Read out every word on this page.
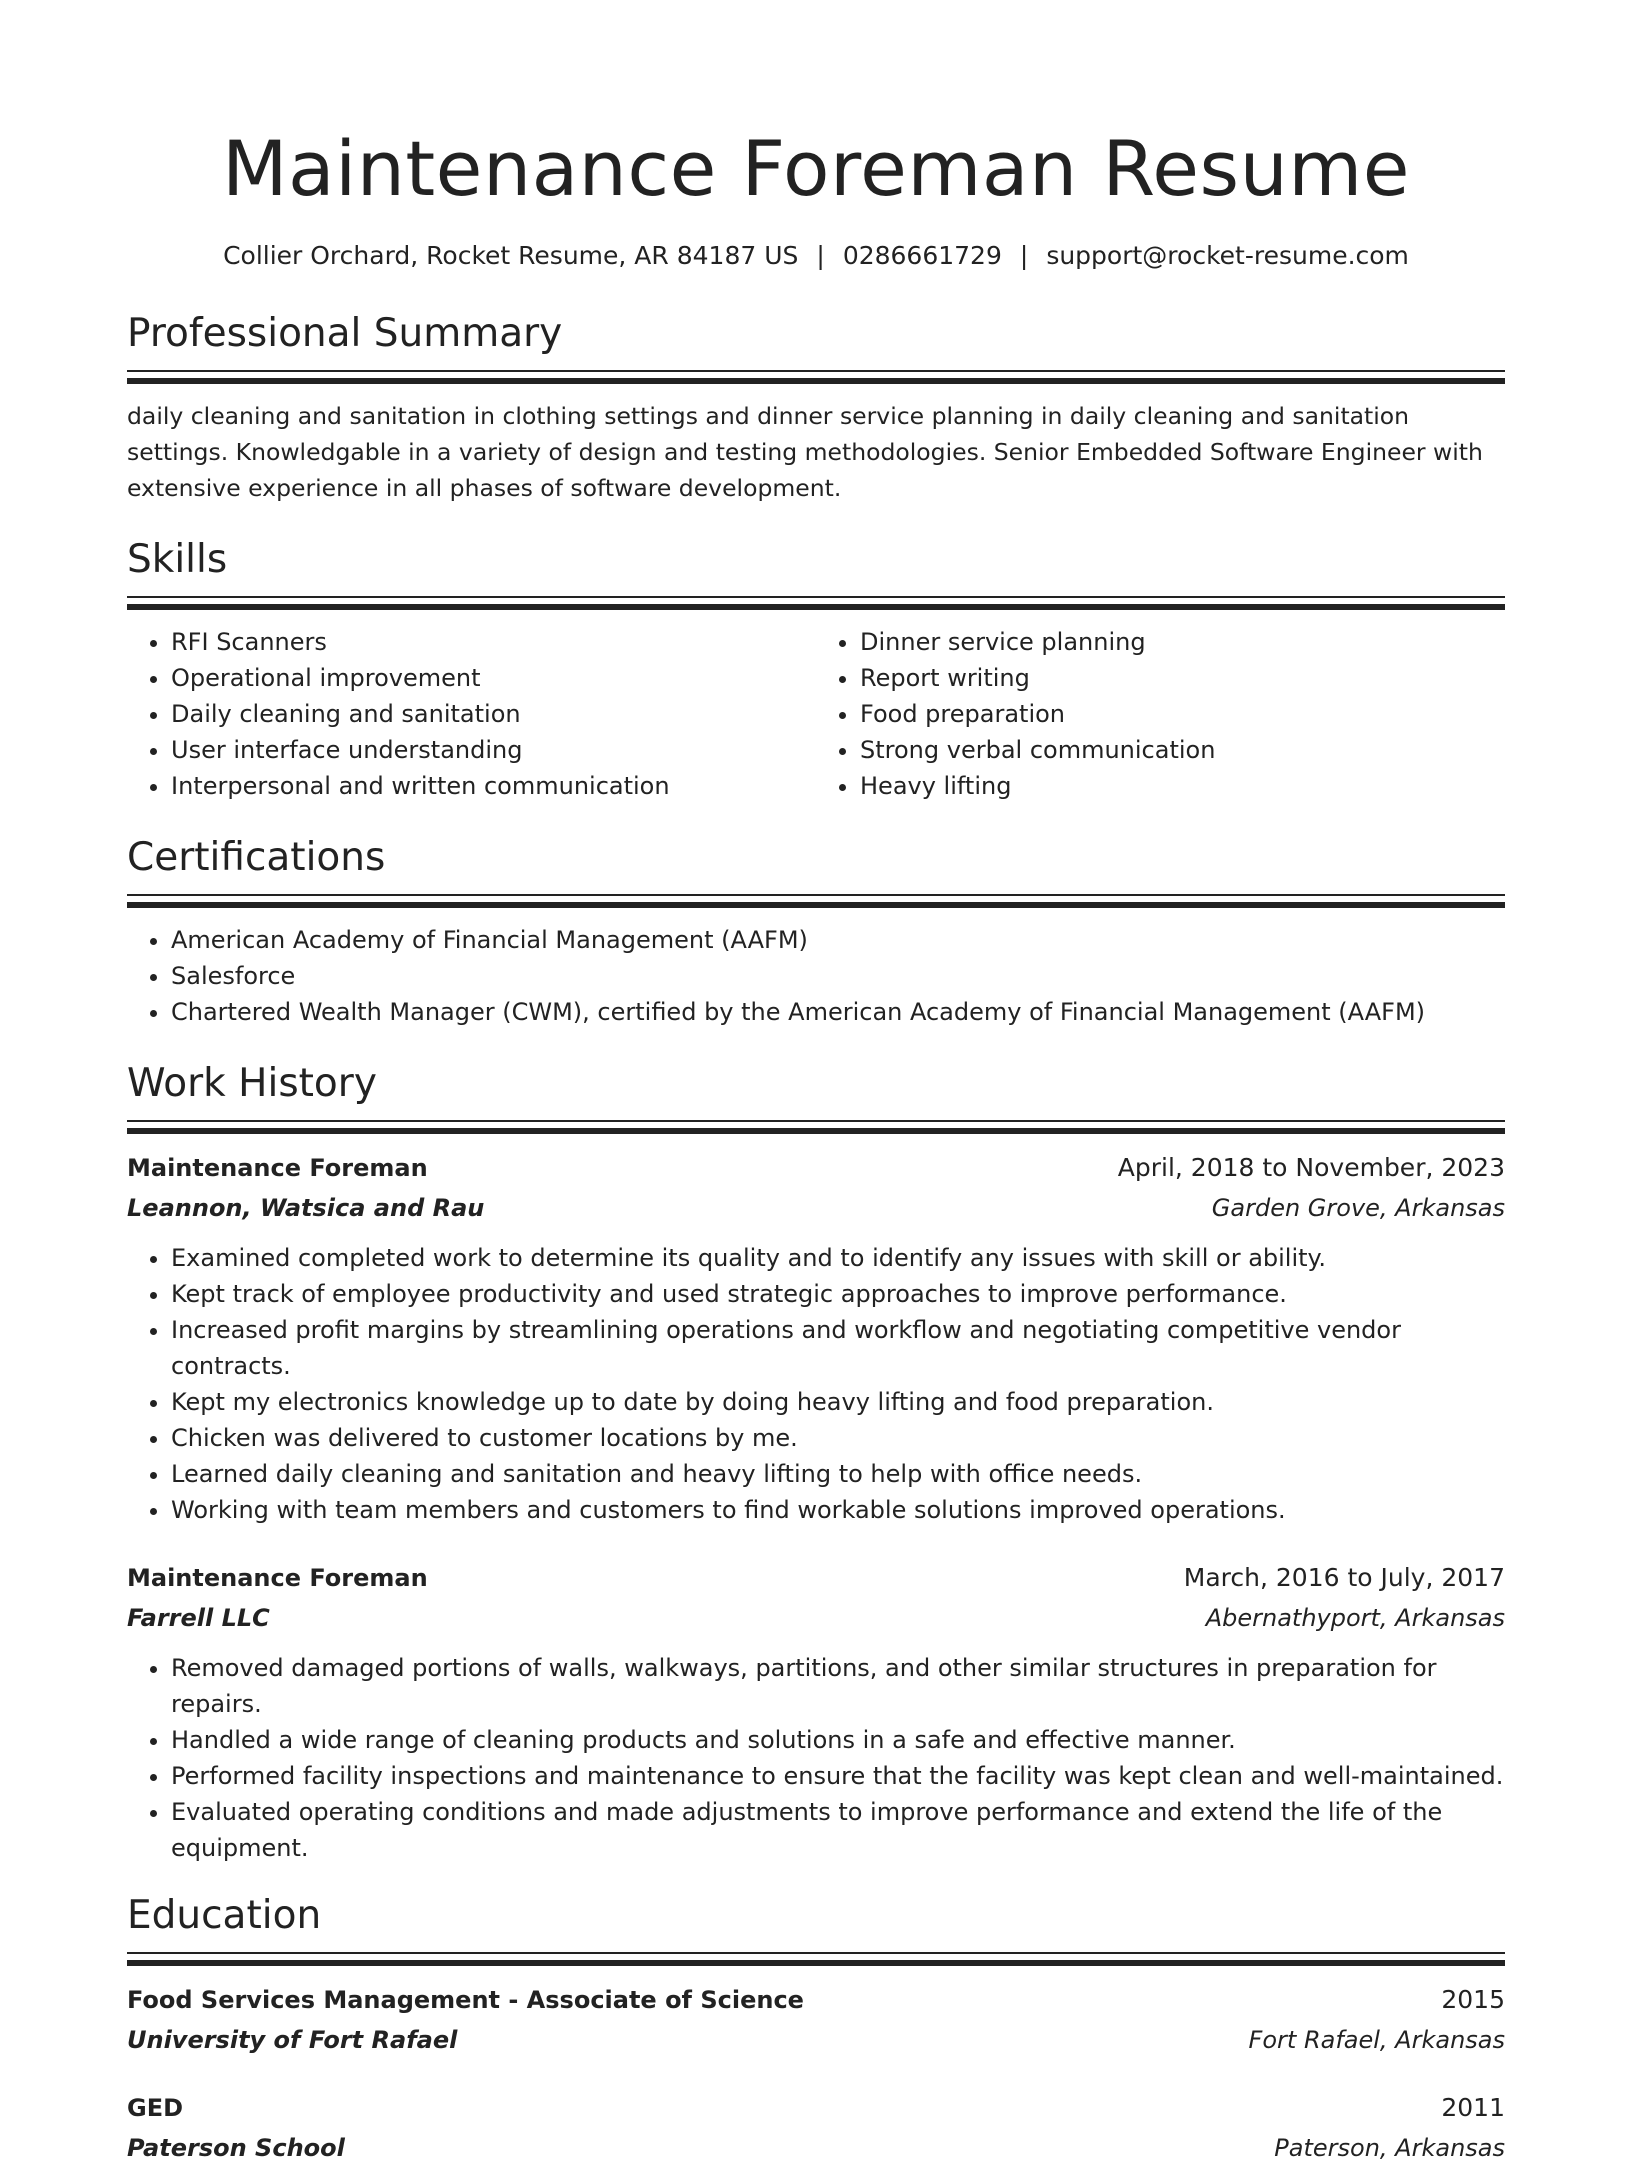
Maintenance Foreman Resume
Collier Orchard, Rocket Resume, AR 84187 US | 0286661729 | support@rocket-resume.com
Professional Summary

daily cleaning and sanitation in clothing settings and dinner service planning in daily cleaning and sanitation settings. Knowledgable in a variety of design and testing methodologies. Senior Embedded Software Engineer with extensive experience in all phases of software development.

Skills
• RFI Scanners
• Operational improvement
• Daily cleaning and sanitation
• User interface understanding
• Interpersonal and written communication
• Dinner service planning
• Report writing
• Food preparation
• Strong verbal communication
• Heavy lifting
Certifications
• American Academy of Financial Management (AAFM)
• Salesforce
• Chartered Wealth Manager (CWM), certified by the American Academy of Financial Management (AAFM)
Work History
Maintenance Foreman	April, 2018 to November, 2023
Leannon, Watsica and Rau	Garden Grove, Arkansas
• Examined completed work to determine its quality and to identify any issues with skill or ability.
• Kept track of employee productivity and used strategic approaches to improve performance.
• Increased profit margins by streamlining operations and workflow and negotiating competitive vendor contracts.
• Kept my electronics knowledge up to date by doing heavy lifting and food preparation.
• Chicken was delivered to customer locations by me.
• Learned daily cleaning and sanitation and heavy lifting to help with office needs.
• Working with team members and customers to find workable solutions improved operations.
Maintenance Foreman	March, 2016 to July, 2017
Farrell LLC	Abernathyport, Arkansas
• Removed damaged portions of walls, walkways, partitions, and other similar structures in preparation for repairs.
• Handled a wide range of cleaning products and solutions in a safe and effective manner.
• Performed facility inspections and maintenance to ensure that the facility was kept clean and well-maintained.
• Evaluated operating conditions and made adjustments to improve performance and extend the life of the equipment.
Education
Food Services Management - Associate of Science	2015
University of Fort Rafael	Fort Rafael, Arkansas
GED	2011
Paterson School	Paterson, Arkansas
